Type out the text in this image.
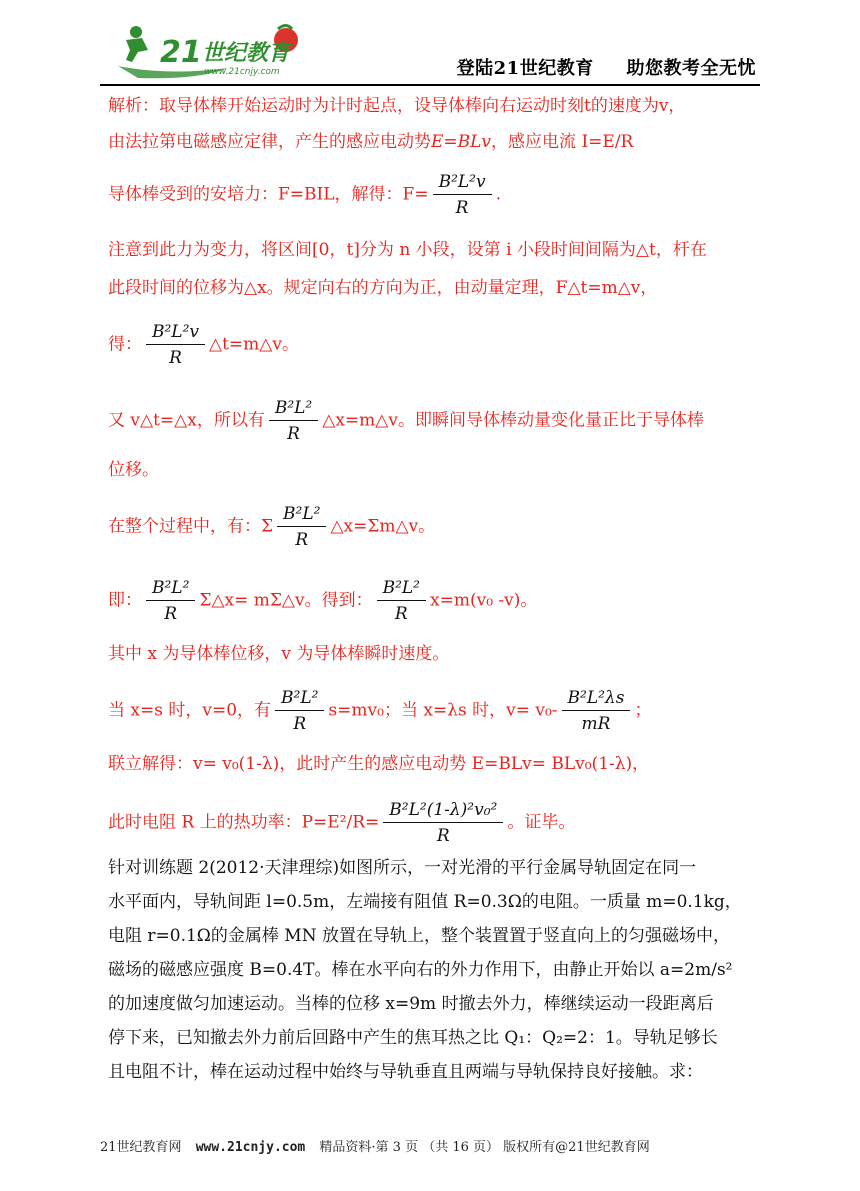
21 世纪教育
www.21cnjy.com	登陆21世纪教育 助您教考全无忧
解析：取导体棒开始运动时为计时起点，设导体棒向右运动时刻t的速度为v，
由法拉第电磁感应定律，产生的感应电动势E=BLv，感应电流 I=E/R
导体棒受到的安培力：F=BIL，解得：$F= \frac{\text{B²L²v}}{R}$ .
注意到此力为变力，将区间[0，t]分为 n 小段，设第 i 小段时间间隔为△t，杆在
此段时间的位移为△x。规定向右的方向为正，由动量定理，F△t=m△v，
得： $\frac{\text{B²L²v}}{R}$ △t=m△v。
又 v△t=△x，所以有 $\frac{\text{B²L²}}{R}$ △x=m△v。即瞬间导体棒动量变化量正比于导体棒
位移。
在整个过程中，有：Σ $\frac{\text{B²L²}}{R}$ △x=Σm△v。
即： $\frac{\text{B²L²}}{R}$ Σ△x= mΣ△v。得到： $\frac{\text{B²L²}}{R} x=m(v_0$ -v)。
其中 x 为导体棒位移，v 为导体棒瞬时速度。
当 x=s 时，v=0，有 $\frac{\text{B²L²}}{R} s=mv_0$；当 x=λs 时，$v= v_0- \frac{\text{B²L²λs}}{mR}$ ；
联立解得：v= v₀(1-λ)，此时产生的感应电动势 E=BLv= BLv₀(1-λ)，
此时电阻 R 上的热功率：$P=E^2/R= \frac{\text{B²L²(1-λ)²v₀²}}{R}$ 。证毕。
针对训练题 2(2012·天津理综)如图所示，一对光滑的平行金属导轨固定在同一
水平面内，导轨间距 l=0.5m，左端接有阻值 R=0.3Ω的电阻。一质量 m=0.1kg，
电阻 r=0.1Ω的金属棒 MN 放置在导轨上，整个装置置于竖直向上的匀强磁场中，
磁场的磁感应强度 B=0.4T。棒在水平向右的外力作用下，由静止开始以 a=2m/s²
的加速度做匀加速运动。当棒的位移 x=9m 时撤去外力，棒继续运动一段距离后
停下来，已知撤去外力前后回路中产生的焦耳热之比 Q₁：Q₂=2：1。导轨足够长
且电阻不计，棒在运动过程中始终与导轨垂直且两端与导轨保持良好接触。求：
21世纪教育网 www.21cnjy.com 精品资料·第 3 页 （共 16 页） 版权所有@21世纪教育网
